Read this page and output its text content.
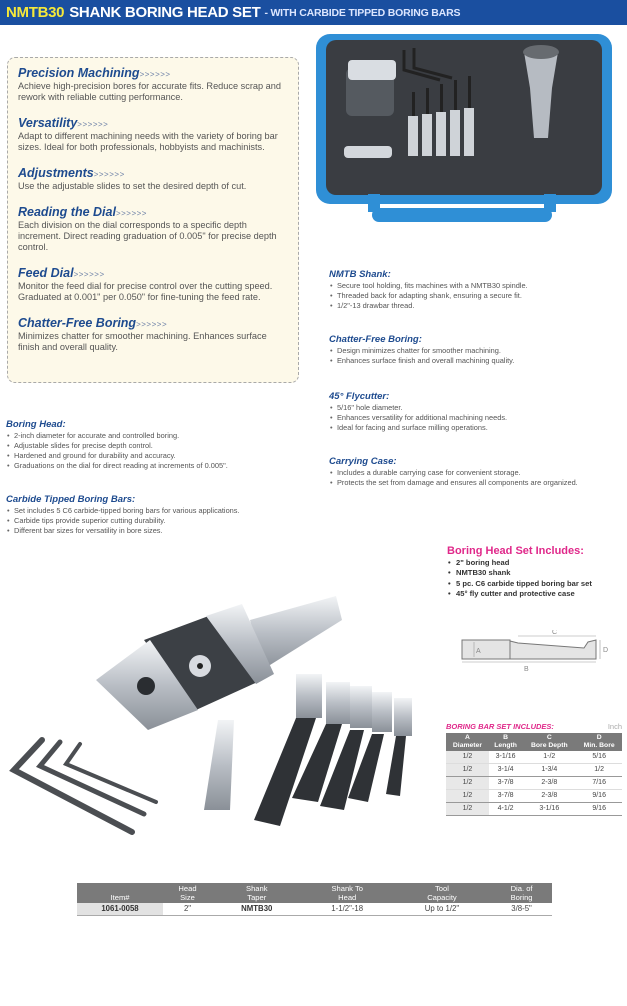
NMTB30 SHANK BORING HEAD SET - WITH CARBIDE TIPPED BORING BARS
Precision Machining>>>>>>

Achieve high-precision bores for accurate fits. Reduce scrap and rework with reliable cutting performance.

Versatility>>>>>>

Adapt to different machining needs with the variety of boring bar sizes. Ideal for both professionals, hobbyists and machinists.

Adjustments>>>>>>

Use the adjustable slides to set the desired depth of cut.

Reading the Dial>>>>>>

Each division on the dial corresponds to a specific depth increment. Direct reading graduation of 0.005" for precise depth control.

Feed Dial>>>>>>

Monitor the feed dial for precise control over the cutting speed. Graduated at 0.001" per 0.050" for fine-tuning the feed rate.

Chatter-Free Boring>>>>>>

Minimizes chatter for smoother machining. Enhances surface finish and overall quality.

NMTB Shank:
• Secure tool holding, fits machines with a NMTB30 spindle.
• Threaded back for adapting shank, ensuring a secure fit.
• 1/2"-13 drawbar thread.
Chatter-Free Boring:
• Design minimizes chatter for smoother machining.
• Enhances surface finish and overall machining quality.
45° Flycutter:
• 5/16" hole diameter.
• Enhances versatility for additional machining needs.
• Ideal for facing and surface milling operations.
Carrying Case:
• Includes a durable carrying case for convenient storage.
• Protects the set from damage and ensures all components are organized.
Boring Head:
• 2-inch diameter for accurate and controlled boring.
• Adjustable slides for precise depth control.
• Hardened and ground for durability and accuracy.
• Graduations on the dial for direct reading at increments of 0.005".
Carbide Tipped Boring Bars:
• Set includes 5 C6 carbide-tipped boring bars for various applications.
• Carbide tips provide superior cutting durability.
• Different bar sizes for versatility in bore sizes.
Boring Head Set Includes:
• 2" boring head
• NMTB30 shank
• 5 pc. C6 carbide tipped boring bar set
• 45° fly cutter and protective case
A
C
B
D
BORING BAR SET INCLUDES:	Inch
A
Diameter

B
Length

C
Bore Depth

D
Min. Bore

1/2	3-1/16	1-/2	5/16
1/2	3-1/4	1-3/4	1/2
1/2	3-7/8	2-3/8	7/16
1/2	3-7/8	2-3/8	9/16
1/2	4-1/2	3-1/16	9/16
Item#

Head
Size

Shank
Taper

Shank To
Head

Tool
Capacity

Dia. of
Boring

1061-0058	2"	NMTB30	1-1/2"-18	Up to 1/2"	3/8-5"
